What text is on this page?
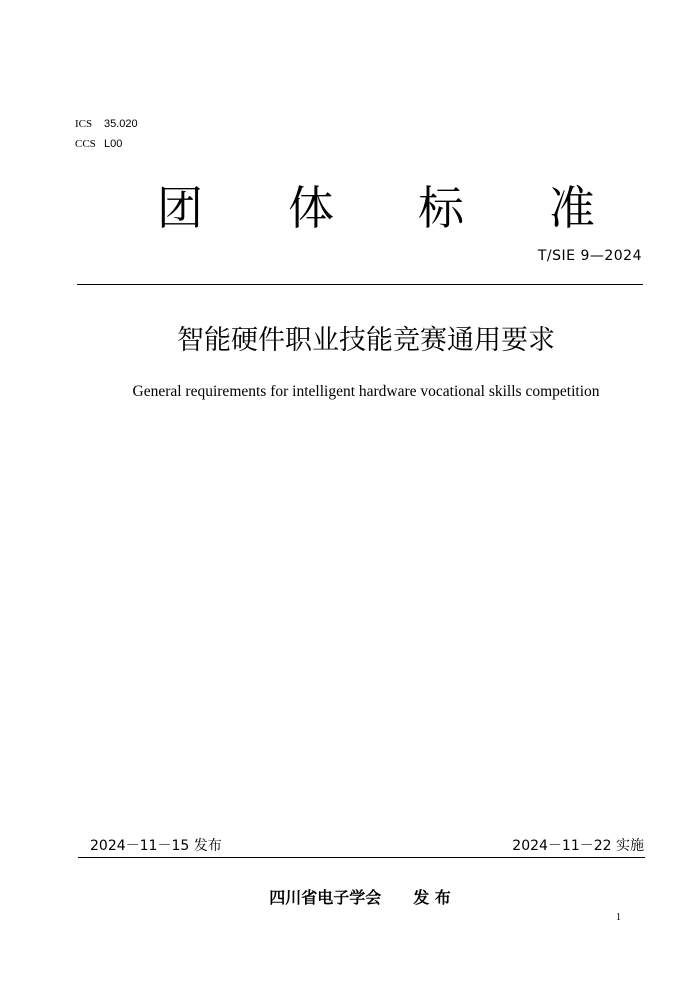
ICS 35.020
CCS L00
团 体 标 准
T/SIE 9—2024
智能硬件职业技能竞赛通用要求
General requirements for intelligent hardware vocational skills competition
2024－11－15 发布	2024－11－22 实施
四川省电子学会　　发 布
1
